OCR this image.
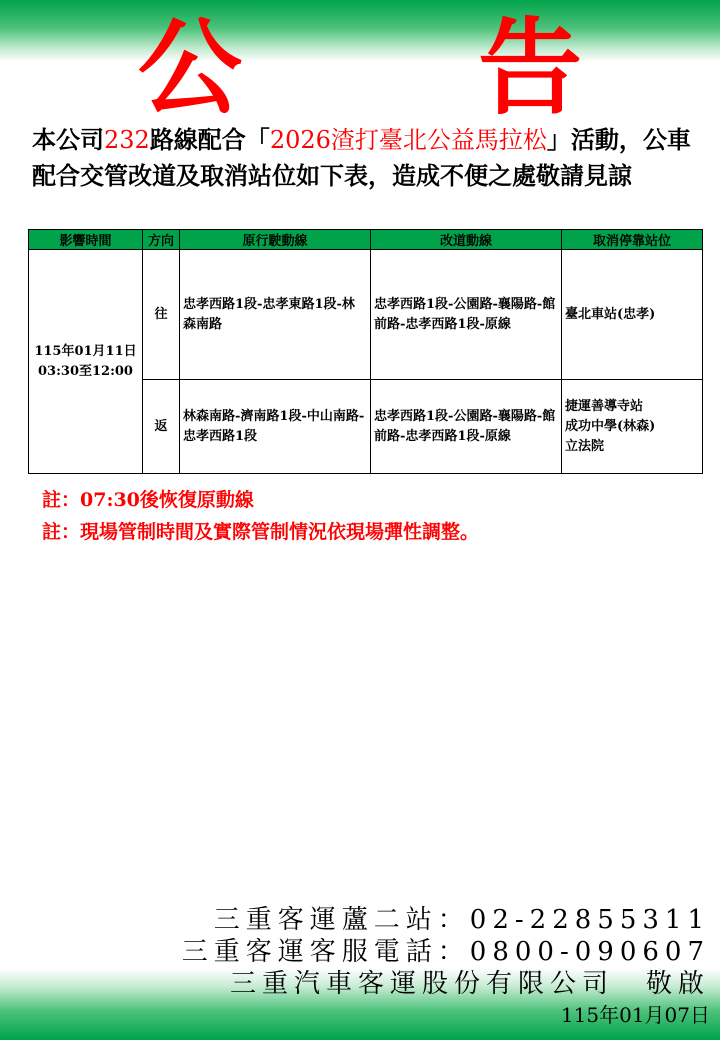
公 告
本公司232路線配合「2026渣打臺北公益馬拉松」活動，公車配合交管改道及取消站位如下表，造成不便之處敬請見諒
影響時間	方向	原行駛動線	改道動線	取消停靠站位

115年01月11日
03:30至12:00	往	忠孝西路1段-忠孝東路1段-林森南路	忠孝西路1段-公園路-襄陽路-館前路-忠孝西路1段-原線	臺北車站(忠孝)

	返	林森南路-濟南路1段-中山南路-忠孝西路1段	忠孝西路1段-公園路-襄陽路-館前路-忠孝西路1段-原線	捷運善導寺站
成功中學(林森)
立法院
註：07:30後恢復原動線
註：現場管制時間及實際管制情況依現場彈性調整。
三重客運蘆二站：02-22855311
三重客運客服電話：0800-090607
三重汽車客運股份有限公司　敬啟
115年01月07日
